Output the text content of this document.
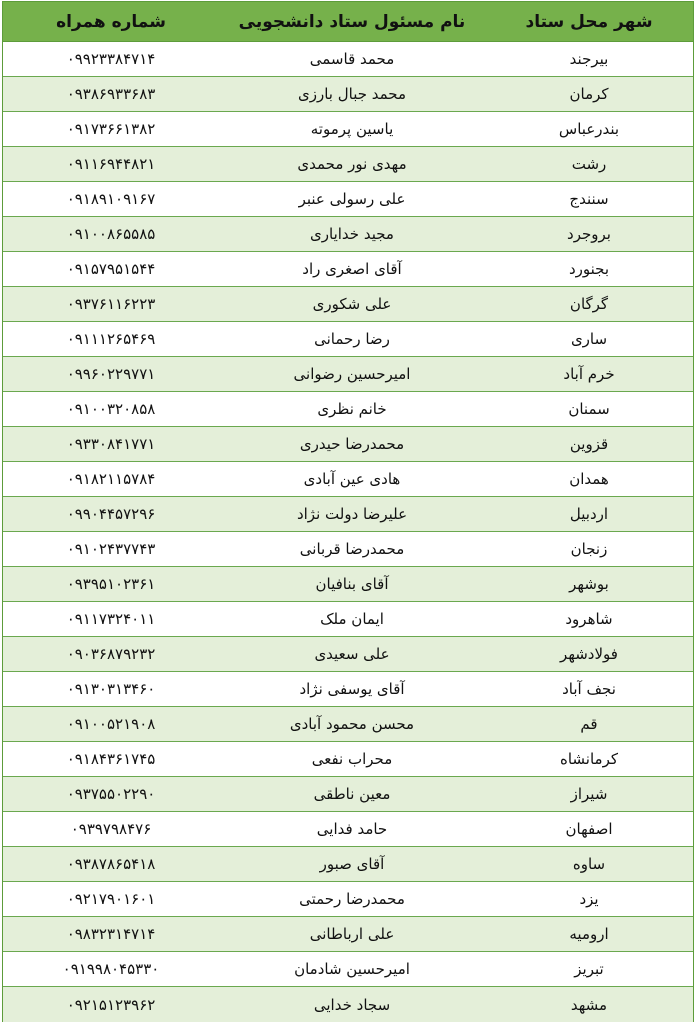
شهر محل ستاد
نام مسئول ستاد دانشجویی
شماره همراه
بیرجند
محمد قاسمی
۰۹۹۲۳۳۸۴۷۱۴
کرمان
محمد جبال بارزی
۰۹۳۸۶۹۳۳۶۸۳
بندرعباس
یاسین پرموته
۰۹۱۷۳۶۶۱۳۸۲
رشت
مهدی نور محمدی
۰۹۱۱۶۹۴۴۸۲۱
سنندج
علی رسولی عنبر
۰۹۱۸۹۱۰۹۱۶۷
بروجرد
مجید خدایاری
۰۹۱۰۰۸۶۵۵۸۵
بجنورد
آقای اصغری راد
۰۹۱۵۷۹۵۱۵۴۴
گرگان
علی شکوری
۰۹۳۷۶۱۱۶۲۲۳
ساری
رضا رحمانی
۰۹۱۱۱۲۶۵۴۶۹
خرم آباد
امیرحسین رضوانی
۰۹۹۶۰۲۲۹۷۷۱
سمنان
خانم نظری
۰۹۱۰۰۳۲۰۸۵۸
قزوین
محمدرضا حیدری
۰۹۳۳۰۸۴۱۷۷۱
همدان
هادی عین آبادی
۰۹۱۸۲۱۱۵۷۸۴
اردبیل
علیرضا دولت نژاد
۰۹۹۰۴۴۵۷۲۹۶
زنجان
محمدرضا قربانی
۰۹۱۰۲۴۳۷۷۴۳
بوشهر
آقای بنافیان
۰۹۳۹۵۱۰۲۳۶۱
شاهرود
ایمان ملک
۰۹۱۱۷۳۲۴۰۱۱
فولادشهر
علی سعیدی
۰۹۰۳۶۸۷۹۲۳۲
نجف آباد
آقای یوسفی نژاد
۰۹۱۳۰۳۱۳۴۶۰
قم
محسن محمود آبادی
۰۹۱۰۰۵۲۱۹۰۸
کرمانشاه
محراب نفعی
۰۹۱۸۴۳۶۱۷۴۵
شیراز
معین ناطقی
۰۹۳۷۵۵۰۲۲۹۰
اصفهان
حامد فدایی
۰۹۳۹۷۹۸۴۷۶
ساوه
آقای صبور
۰۹۳۸۷۸۶۵۴۱۸
یزد
محمدرضا رحمتی
۰۹۲۱۷۹۰۱۶۰۱
ارومیه
علی ارباطانی
۰۹۸۳۲۳۱۴۷۱۴
تبریز
امیرحسین شادمان
۰۹۱۹۹۸۰۴۵۳۳۰
مشهد
سجاد خدایی
۰۹۲۱۵۱۲۳۹۶۲
